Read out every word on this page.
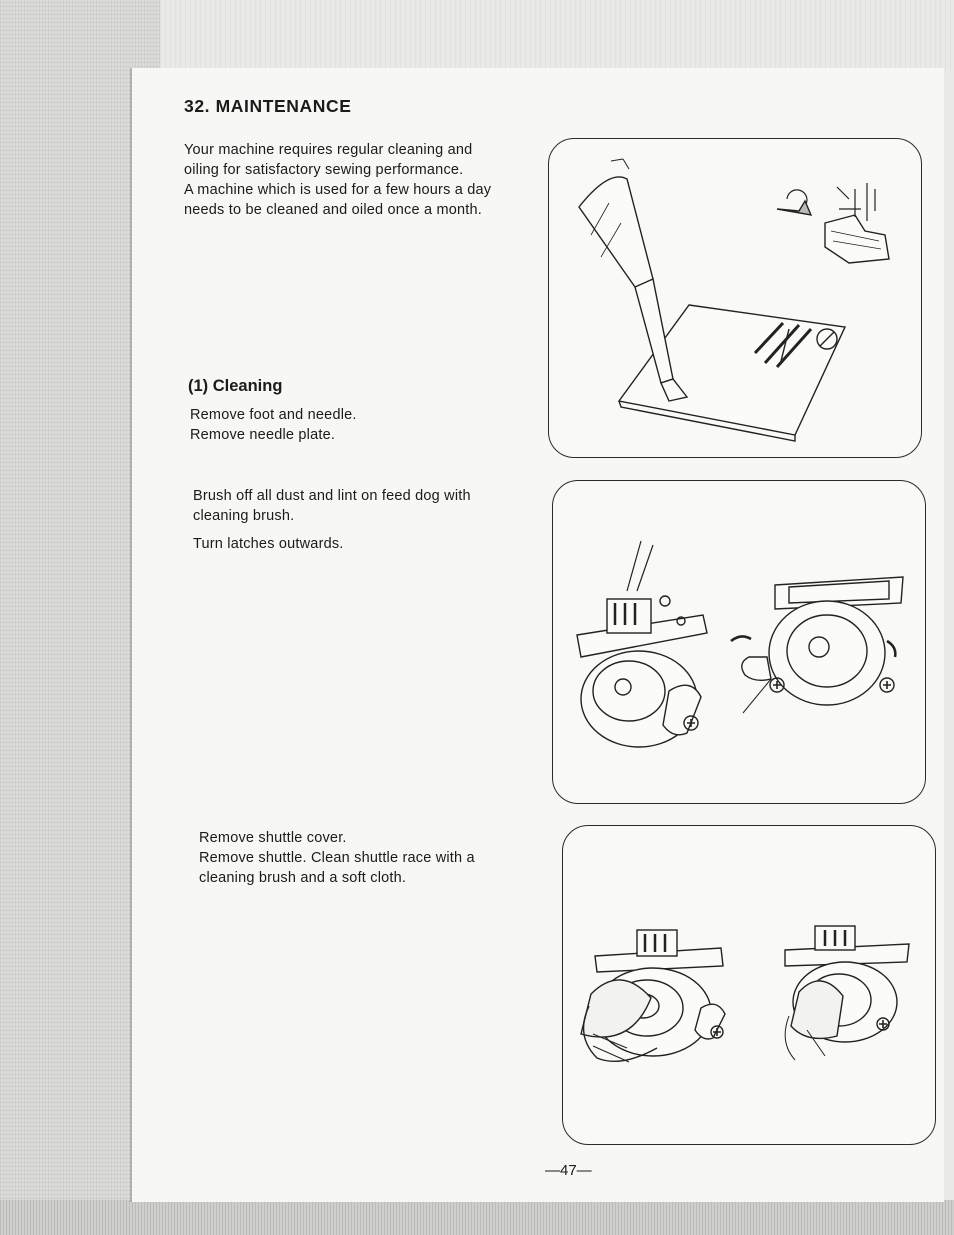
32. MAINTENANCE

Your machine requires regular cleaning and

oiling for satisfactory sewing performance.

A machine which is used for a few hours a day

needs to be cleaned and oiled once a month.

(1) Cleaning

Remove foot and needle.

Remove needle plate.

Brush off all dust and lint on feed dog with

cleaning brush.

Turn latches outwards.

Remove shuttle cover.

Remove shuttle. Clean shuttle race with a

cleaning brush and a soft cloth.

—47—
